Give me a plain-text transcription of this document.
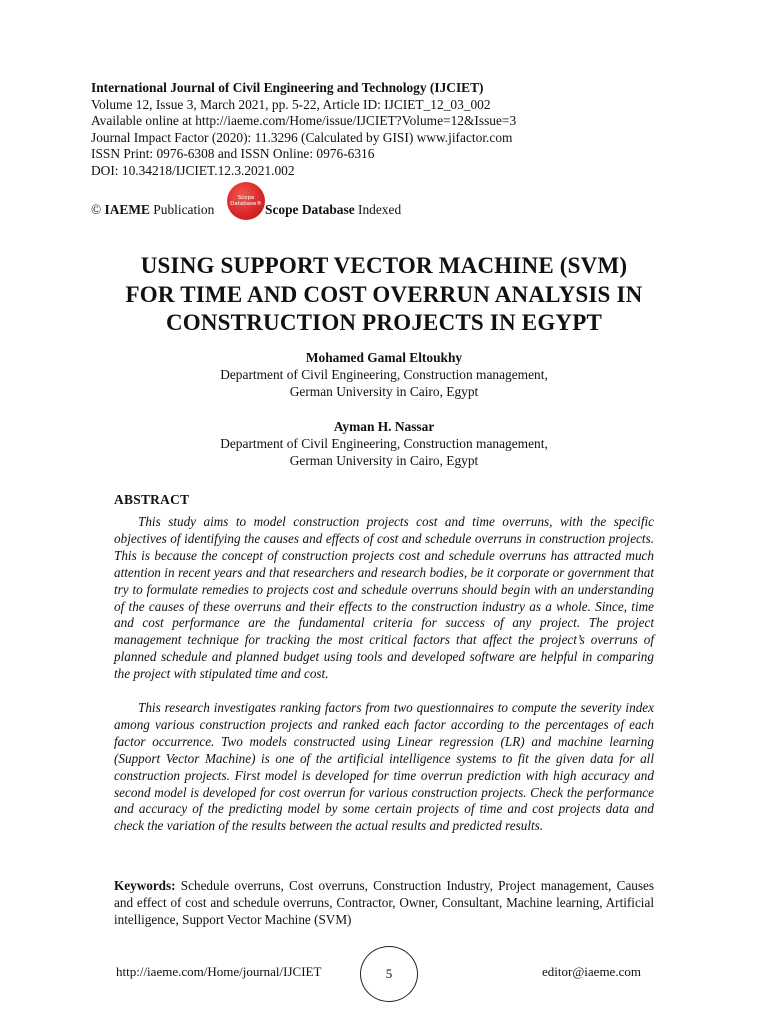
International Journal of Civil Engineering and Technology (IJCIET)
Volume 12, Issue 3, March 2021, pp. 5-22, Article ID: IJCIET_12_03_002
Available online at http://iaeme.com/Home/issue/IJCIET?Volume=12&Issue=3
Journal Impact Factor (2020): 11.3296 (Calculated by GISI) www.jifactor.com
ISSN Print: 0976-6308 and ISSN Online: 0976-6316
DOI: 10.34218/IJCIET.12.3.2021.002
© IAEME Publication
Scope
Database® Scope Database Indexed
USING SUPPORT VECTOR MACHINE (SVM)
FOR TIME AND COST OVERRUN ANALYSIS IN
CONSTRUCTION PROJECTS IN EGYPT
Mohamed Gamal Eltoukhy
Department of Civil Engineering, Construction management,
German University in Cairo, Egypt
Ayman H. Nassar
Department of Civil Engineering, Construction management,
German University in Cairo, Egypt
ABSTRACT
This study aims to model construction projects cost and time overruns, with the specific objectives of identifying the causes and effects of cost and schedule overruns in construction projects. This is because the concept of construction projects cost and schedule overruns has attracted much attention in recent years and that researchers and research bodies, be it corporate or government that try to formulate remedies to projects cost and schedule overruns should begin with an understanding of the causes of these overruns and their effects to the construction industry as a whole. Since, time and cost performance are the fundamental criteria for success of any project. The project management technique for tracking the most critical factors that affect the project’s overruns of planned schedule and planned budget using tools and developed software are helpful in comparing the project with stipulated time and cost.
This research investigates ranking factors from two questionnaires to compute the severity index among various construction projects and ranked each factor according to the percentages of each factor occurrence. Two models constructed using Linear regression (LR) and machine learning (Support Vector Machine) is one of the artificial intelligence systems to fit the given data for all construction projects. First model is developed for time overrun prediction with high accuracy and second model is developed for cost overrun for various construction projects. Check the performance and accuracy of the predicting model by some certain projects of time and cost projects data and check the variation of the results between the actual results and predicted results.
Keywords: Schedule overruns, Cost overruns, Construction Industry, Project management, Causes and effect of cost and schedule overruns, Contractor, Owner, Consultant, Machine learning, Artificial intelligence, Support Vector Machine (SVM)
http://iaeme.com/Home/journal/IJCIET	5	editor@iaeme.com
